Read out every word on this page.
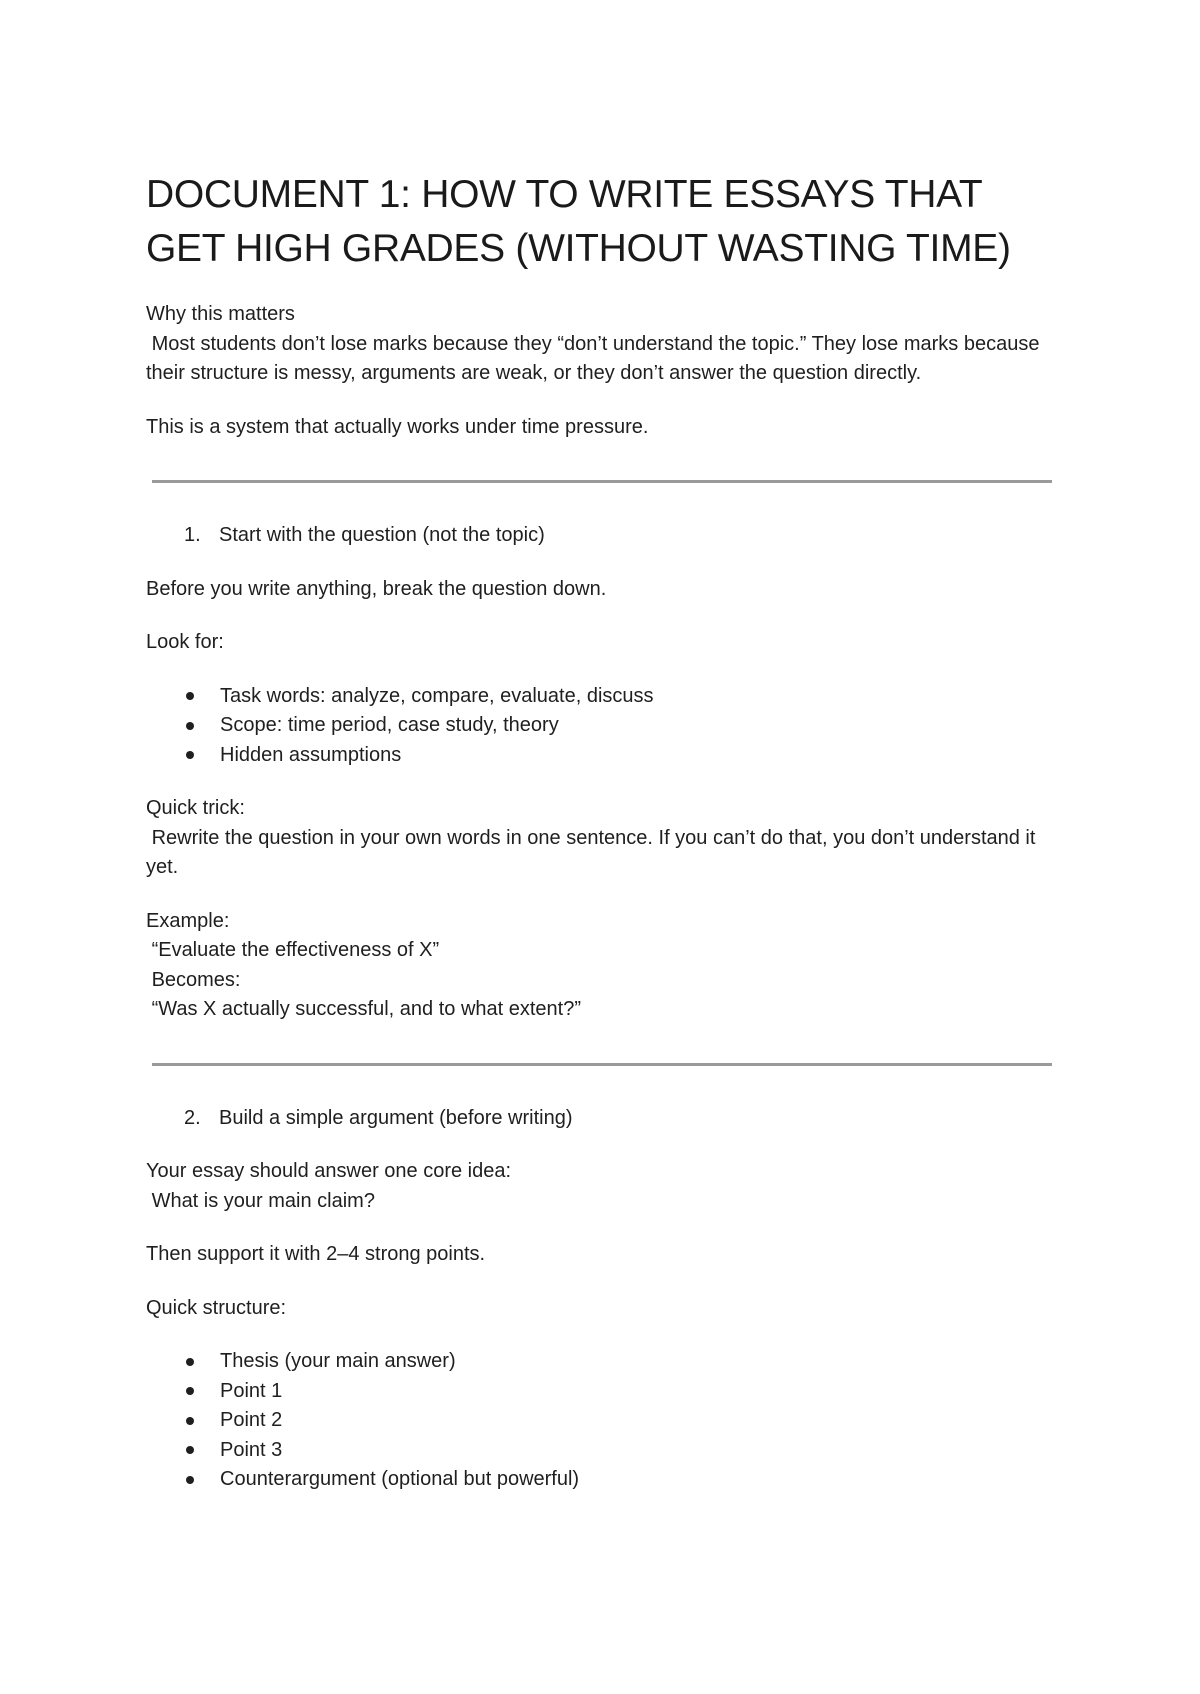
DOCUMENT 1: HOW TO WRITE ESSAYS THAT GET HIGH GRADES (WITHOUT WASTING TIME)
Why this matters
Most students don’t lose marks because they “don’t understand the topic.” They lose marks because their structure is messy, arguments are weak, or they don’t answer the question directly.
This is a system that actually works under time pressure.
1. Start with the question (not the topic)
Before you write anything, break the question down.
Look for:
Task words: analyze, compare, evaluate, discuss
Scope: time period, case study, theory
Hidden assumptions
Quick trick:
Rewrite the question in your own words in one sentence. If you can’t do that, you don’t understand it yet.
Example:
“Evaluate the effectiveness of X”
Becomes:
“Was X actually successful, and to what extent?”
2. Build a simple argument (before writing)
Your essay should answer one core idea:
What is your main claim?
Then support it with 2–4 strong points.
Quick structure:
Thesis (your main answer)
Point 1
Point 2
Point 3
Counterargument (optional but powerful)
